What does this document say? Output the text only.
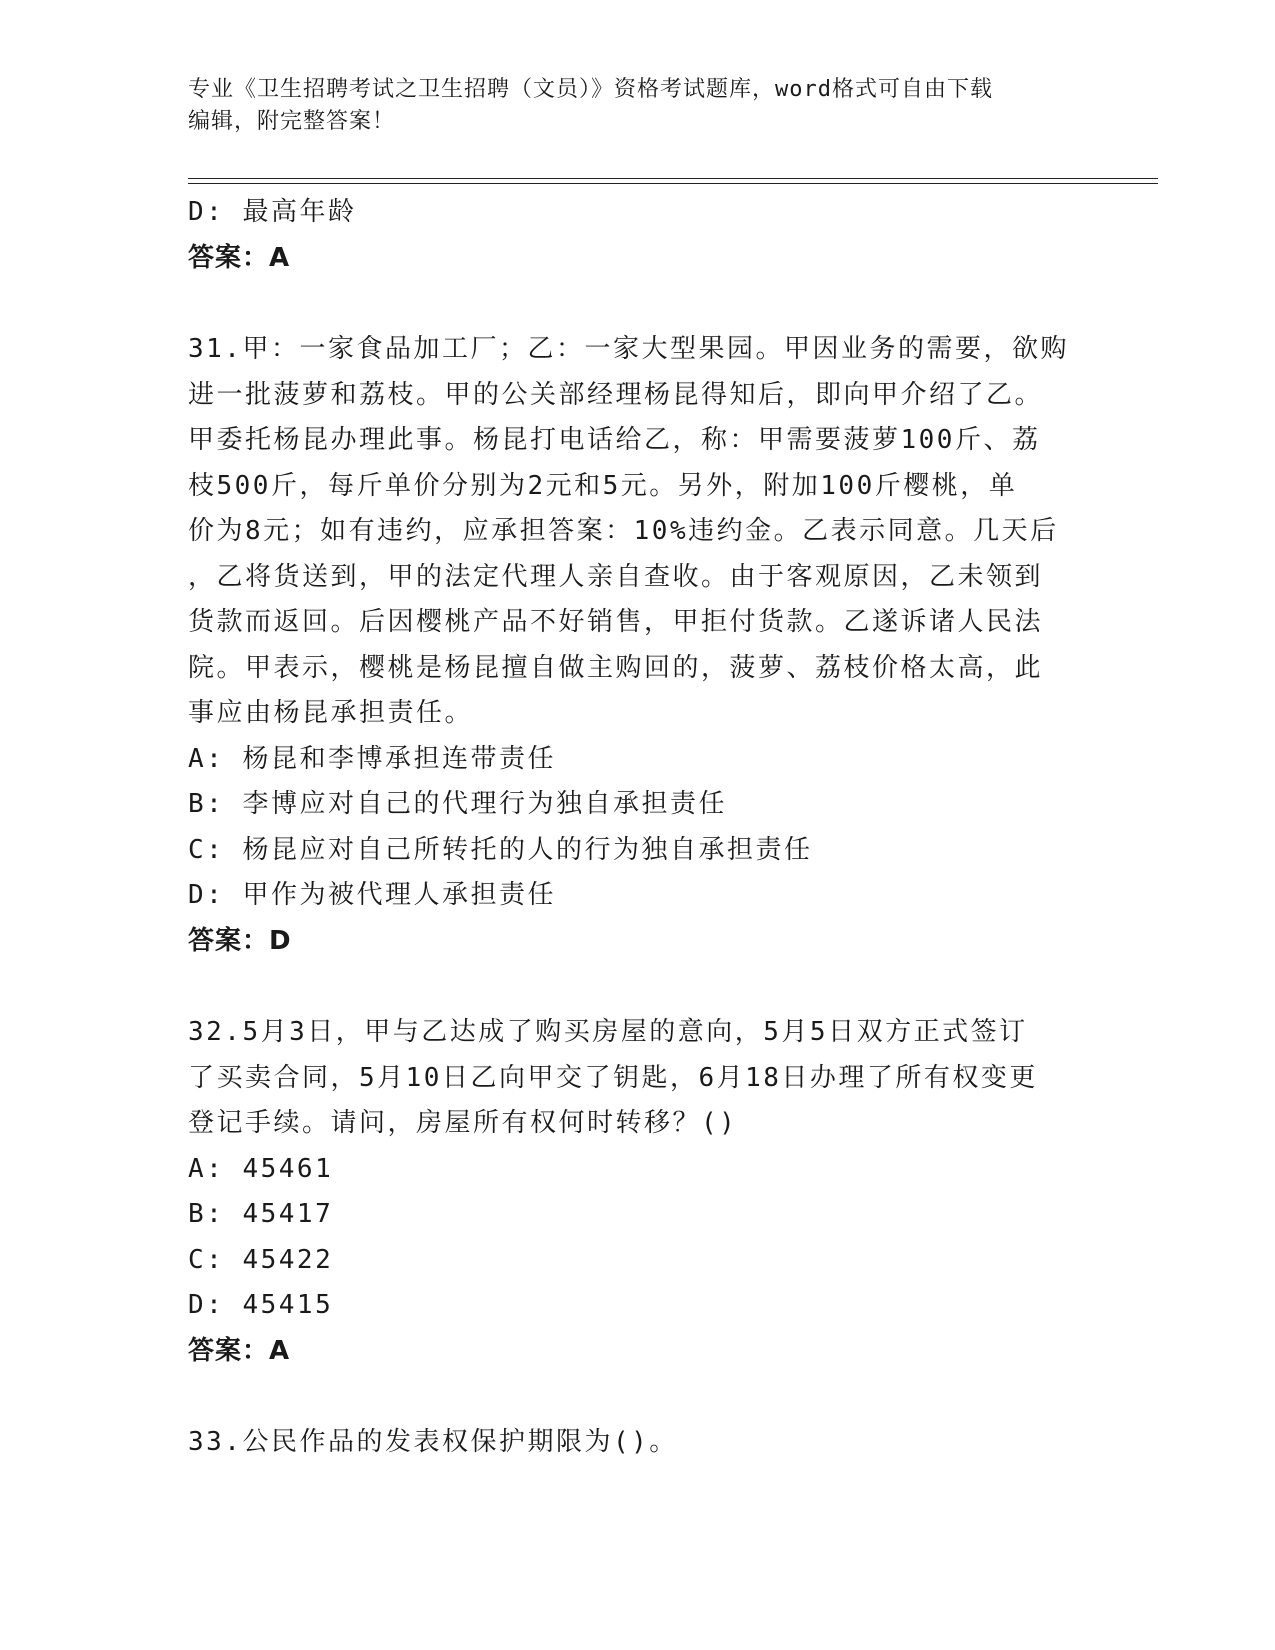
专业《卫生招聘考试之卫生招聘（文员）》资格考试题库，word格式可自由下载
编辑，附完整答案！
D: 最高年龄
答案：A
31.甲：一家食品加工厂；乙：一家大型果园。甲因业务的需要，欲购
进一批菠萝和荔枝。甲的公关部经理杨昆得知后，即向甲介绍了乙。
甲委托杨昆办理此事。杨昆打电话给乙，称：甲需要菠萝100斤、荔
枝500斤，每斤单价分别为2元和5元。另外，附加100斤樱桃，单
价为8元；如有违约，应承担答案：10%违约金。乙表示同意。几天后
，乙将货送到，甲的法定代理人亲自查收。由于客观原因，乙未领到
货款而返回。后因樱桃产品不好销售，甲拒付货款。乙遂诉诸人民法
院。甲表示，樱桃是杨昆擅自做主购回的，菠萝、荔枝价格太高，此
事应由杨昆承担责任。
A: 杨昆和李博承担连带责任
B: 李博应对自己的代理行为独自承担责任
C: 杨昆应对自己所转托的人的行为独自承担责任
D: 甲作为被代理人承担责任
答案：D
32.5月3日，甲与乙达成了购买房屋的意向，5月5日双方正式签订
了买卖合同，5月10日乙向甲交了钥匙，6月18日办理了所有权变更
登记手续。请问，房屋所有权何时转移？()
A: 45461
B: 45417
C: 45422
D: 45415
答案：A
33.公民作品的发表权保护期限为()。
